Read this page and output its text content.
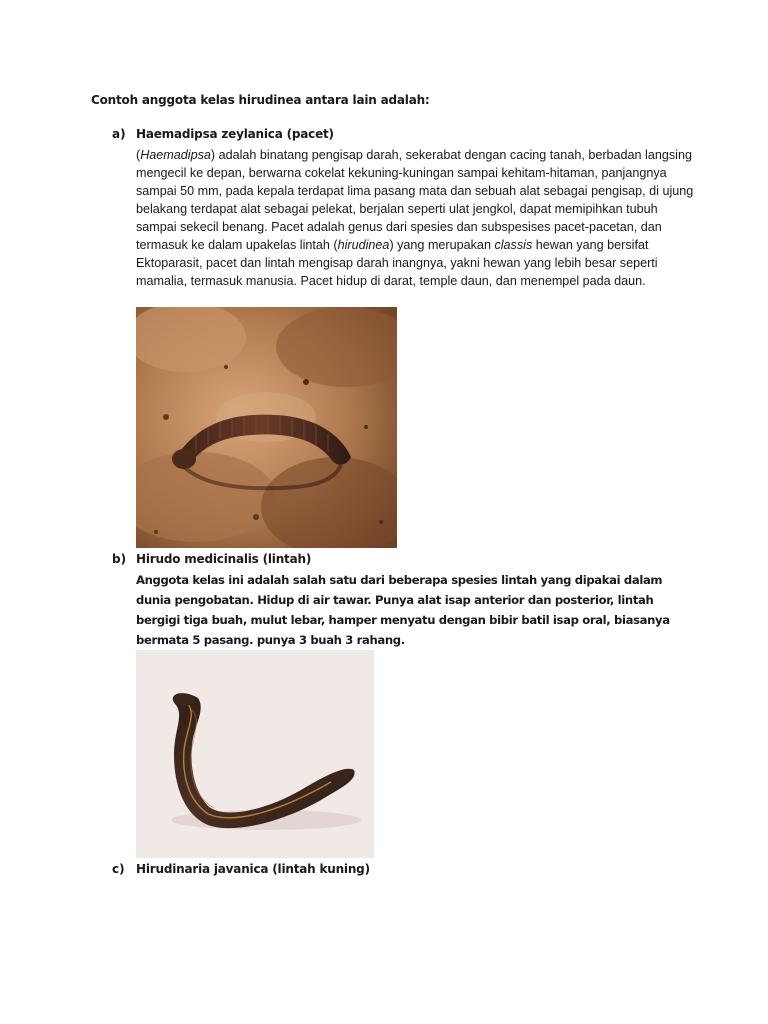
Contoh anggota kelas hirudinea antara lain adalah:
a) Haemadipsa zeylanica (pacet)

(Haemadipsa) adalah binatang pengisap darah, sekerabat dengan cacing tanah, berbadan langsing mengecil ke depan, berwarna cokelat kekuning-kuningan sampai kehitam-hitaman, panjangnya sampai 50 mm, pada kepala terdapat lima pasang mata dan sebuah alat sebagai pengisap, di ujung belakang terdapat alat sebagai pelekat, berjalan seperti ulat jengkol, dapat memipihkan tubuh sampai sekecil benang. Pacet adalah genus dari spesies dan subspesises pacet-pacetan, dan termasuk ke dalam upakelas lintah (hirudinea) yang merupakan classis hewan yang bersifat Ektoparasit, pacet dan lintah mengisap darah inangnya, yakni hewan yang lebih besar seperti mamalia, termasuk manusia. Pacet hidup di darat, temple daun, dan menempel pada daun.

b) Hirudo medicinalis (lintah)

Anggota kelas ini adalah salah satu dari beberapa spesies lintah yang dipakai dalam dunia pengobatan. Hidup di air tawar. Punya alat isap anterior dan posterior, lintah bergigi tiga buah, mulut lebar, hamper menyatu dengan bibir batil isap oral, biasanya bermata 5 pasang. punya 3 buah 3 rahang.

c) Hirudinaria javanica (lintah kuning)
